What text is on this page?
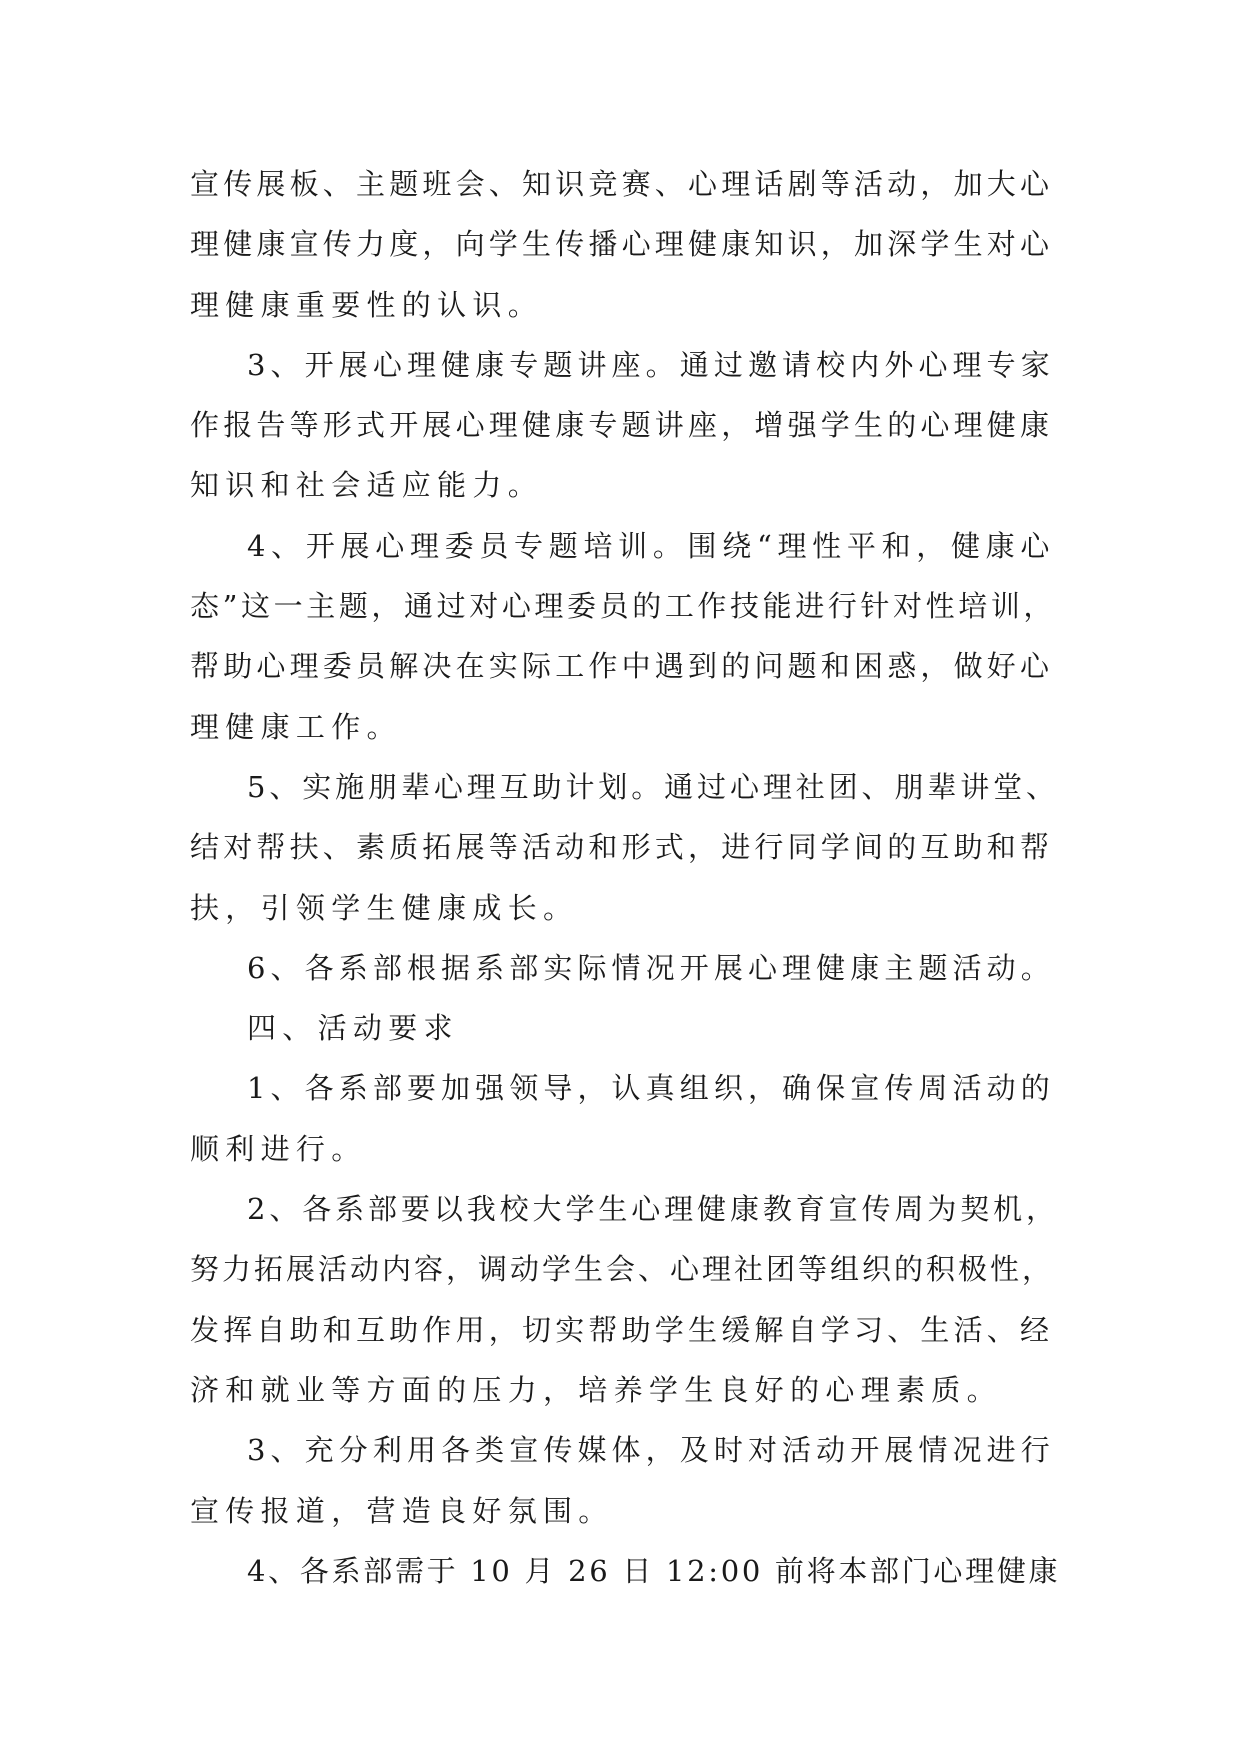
宣传展板、主题班会、知识竞赛、心理话剧等活动，加大心
理健康宣传力度，向学生传播心理健康知识，加深学生对心
理健康重要性的认识。
3、开展心理健康专题讲座。通过邀请校内外心理专家
作报告等形式开展心理健康专题讲座，增强学生的心理健康
知识和社会适应能力。
4、开展心理委员专题培训。围绕“理性平和，健康心
态”这一主题，通过对心理委员的工作技能进行针对性培训，
帮助心理委员解决在实际工作中遇到的问题和困惑，做好心
理健康工作。
5、实施朋辈心理互助计划。通过心理社团、朋辈讲堂、
结对帮扶、素质拓展等活动和形式，进行同学间的互助和帮
扶，引领学生健康成长。
6、各系部根据系部实际情况开展心理健康主题活动。
四、活动要求
1、各系部要加强领导，认真组织，确保宣传周活动的
顺利进行。
2、各系部要以我校大学生心理健康教育宣传周为契机，
努力拓展活动内容，调动学生会、心理社团等组织的积极性，
发挥自助和互助作用，切实帮助学生缓解自学习、生活、经
济和就业等方面的压力，培养学生良好的心理素质。
3、充分利用各类宣传媒体，及时对活动开展情况进行
宣传报道，营造良好氛围。
4、各系部需于 10 月 26 日 12:00 前将本部门心理健康
